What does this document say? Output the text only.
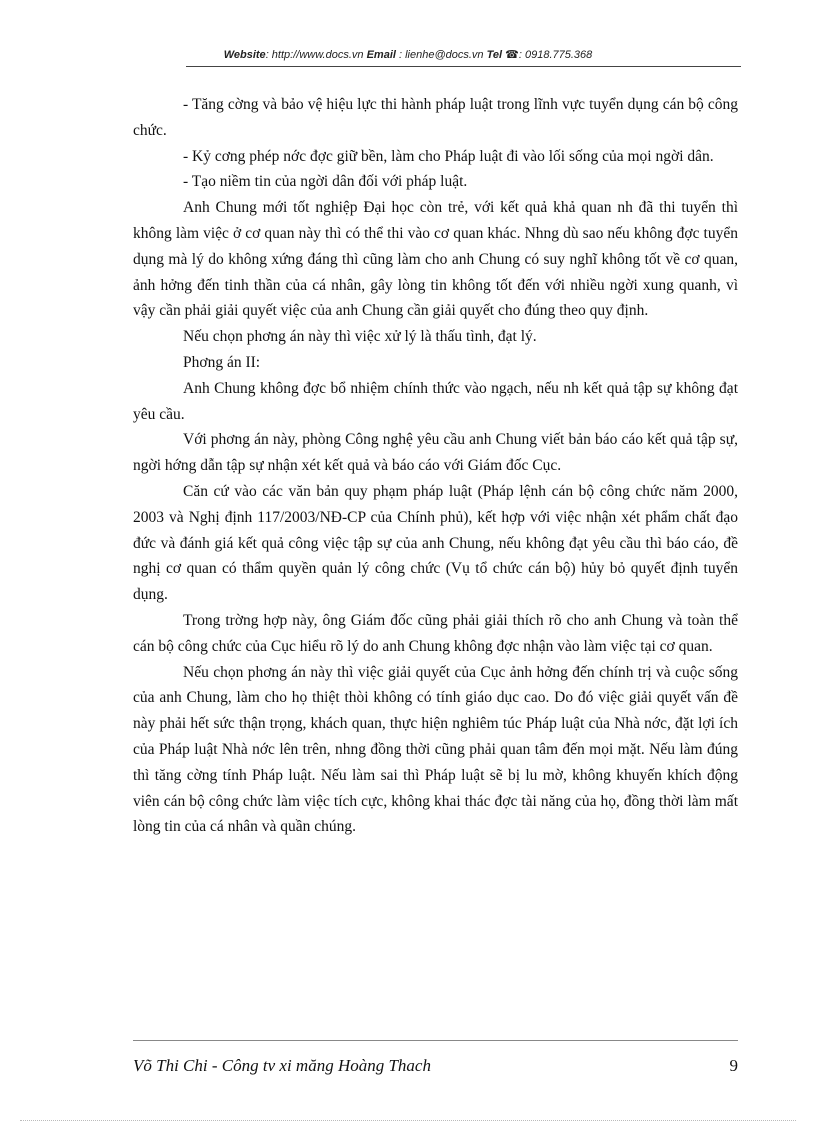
Website: http://www.docs.vn Email : lienhe@docs.vn Tel ☎: 0918.775.368

- Tăng cờng và bảo vệ hiệu lực thi hành pháp luật trong lĩnh vực tuyển dụng cán bộ công chức.

- Kỷ cơng phép nớc đợc giữ bền, làm cho Pháp luật đi vào lối sống của mọi ngời dân.

- Tạo niềm tin của ngời dân đối với pháp luật.

Anh Chung mới tốt nghiệp Đại học còn trẻ, với kết quả khả quan nh đã thi tuyển thì không làm việc ở cơ quan này thì có thể thi vào cơ quan khác. Nhng dù sao nếu không đợc tuyển dụng mà lý do không xứng đáng thì cũng làm cho anh Chung có suy nghĩ không tốt về cơ quan, ảnh hởng đến tinh thần của cá nhân, gây lòng tin không tốt đến với nhiều ngời xung quanh, vì vậy cần phải giải quyết việc của anh Chung cần giải quyết cho đúng theo quy định.

Nếu chọn phơng án này thì việc xử lý là thấu tình, đạt lý.

Phơng án II:

Anh Chung không đợc bổ nhiệm chính thức vào ngạch, nếu nh kết quả tập sự không đạt yêu cầu.

Với phơng án này, phòng Công nghệ yêu cầu anh Chung viết bản báo cáo kết quả tập sự, ngời hớng dẫn tập sự nhận xét kết quả và báo cáo với Giám đốc Cục.

Căn cứ vào các văn bản quy phạm pháp luật (Pháp lệnh cán bộ công chức năm 2000, 2003 và Nghị định 117/2003/NĐ-CP của Chính phủ), kết hợp với việc nhận xét phẩm chất đạo đức và đánh giá kết quả công việc tập sự của anh Chung, nếu không đạt yêu cầu thì báo cáo, đề nghị cơ quan có thẩm quyền quản lý công chức (Vụ tổ chức cán bộ) hủy bỏ quyết định tuyển dụng.

Trong trờng hợp này, ông Giám đốc cũng phải giải thích rõ cho anh Chung và toàn thể cán bộ công chức của Cục hiểu rõ lý do anh Chung không đợc nhận vào làm việc tại cơ quan.

Nếu chọn phơng án này thì việc giải quyết của Cục ảnh hởng đến chính trị và cuộc sống của anh Chung, làm cho họ thiệt thòi không có tính giáo dục cao. Do đó việc giải quyết vấn đề này phải hết sức thận trọng, khách quan, thực hiện nghiêm túc Pháp luật của Nhà nớc, đặt lợi ích của Pháp luật Nhà nớc lên trên, nhng đồng thời cũng phải quan tâm đến mọi mặt. Nếu làm đúng thì tăng cờng tính Pháp luật. Nếu làm sai thì Pháp luật sẽ bị lu mờ, không khuyến khích động viên cán bộ công chức làm việc tích cực, không khai thác đợc tài năng của họ, đồng thời làm mất lòng tin của cá nhân và quần chúng.

Võ Thi Chi - Công tv xi măng Hoàng Thach	9
